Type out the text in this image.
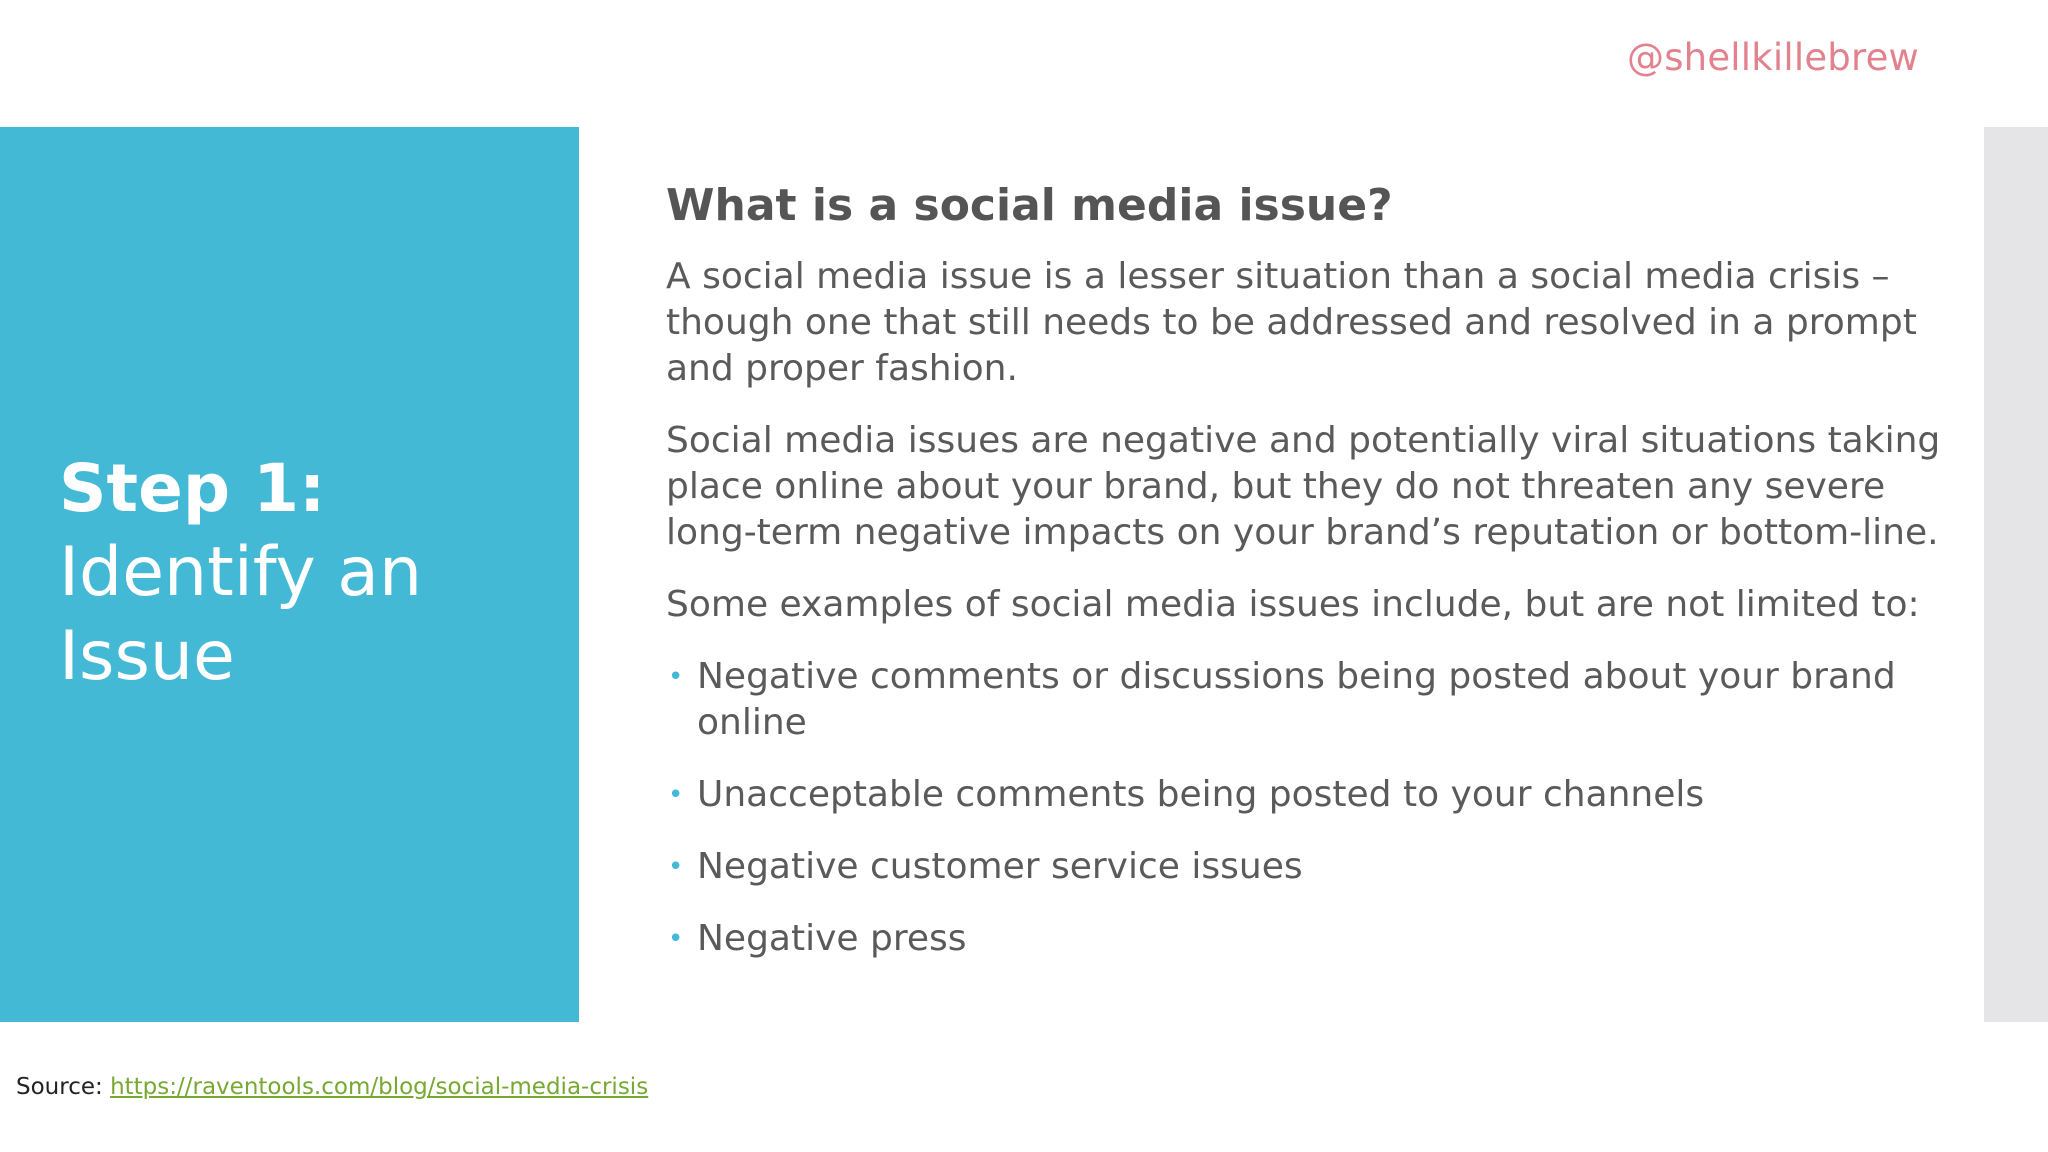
@shellkillebrew
Step 1:
Identify an
Issue
What is a social media issue?

A social media issue is a lesser situation than a social media crisis – though one that still needs to be addressed and resolved in a prompt and proper fashion.

Social media issues are negative and potentially viral situations taking place online about your brand, but they do not threaten any severe long-term negative impacts on your brand’s reputation or bottom-line.

Some examples of social media issues include, but are not limited to:

• Negative comments or discussions being posted about your brand online
• Unacceptable comments being posted to your channels
• Negative customer service issues
• Negative press
Source: https://raventools.com/blog/social-media-crisis
